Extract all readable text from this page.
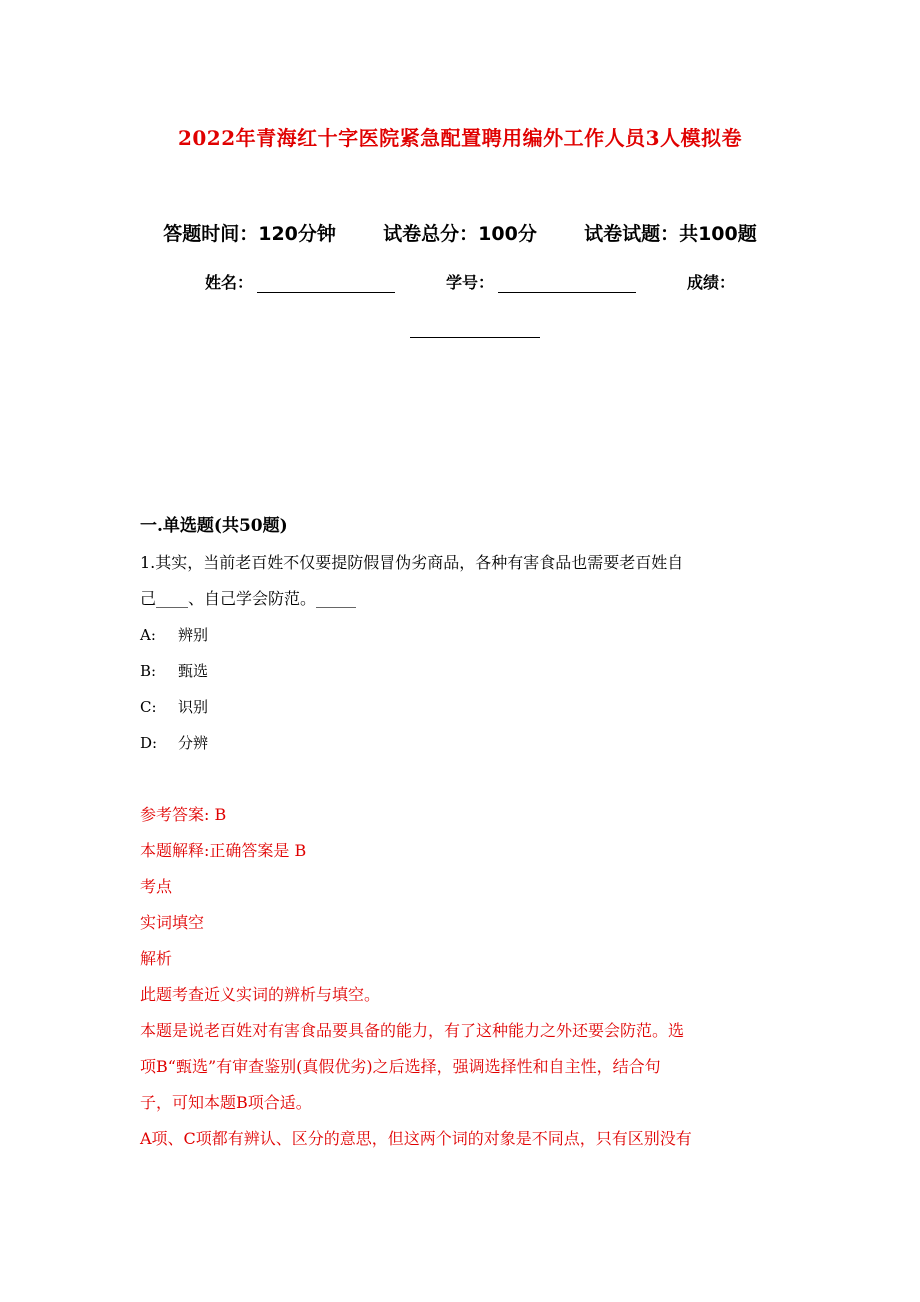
2022年青海红十字医院紧急配置聘用编外工作人员3人模拟卷
答题时间：120分钟 试卷总分：100分 试卷试题：共100题
姓名：	学号：	成绩：
一.单选题(共50题)
1.其实，当前老百姓不仅要提防假冒伪劣商品，各种有害食品也需要老百姓自
己____、自己学会防范。_____
A: 辨别
B: 甄选
C: 识别
D: 分辨
参考答案: B
本题解释:正确答案是 B
考点
实词填空
解析
此题考查近义实词的辨析与填空。
本题是说老百姓对有害食品要具备的能力，有了这种能力之外还要会防范。选
项B“甄选”有审查鉴别(真假优劣)之后选择，强调选择性和自主性，结合句
子，可知本题B项合适。
A项、C项都有辨认、区分的意思，但这两个词的对象是不同点，只有区别没有
